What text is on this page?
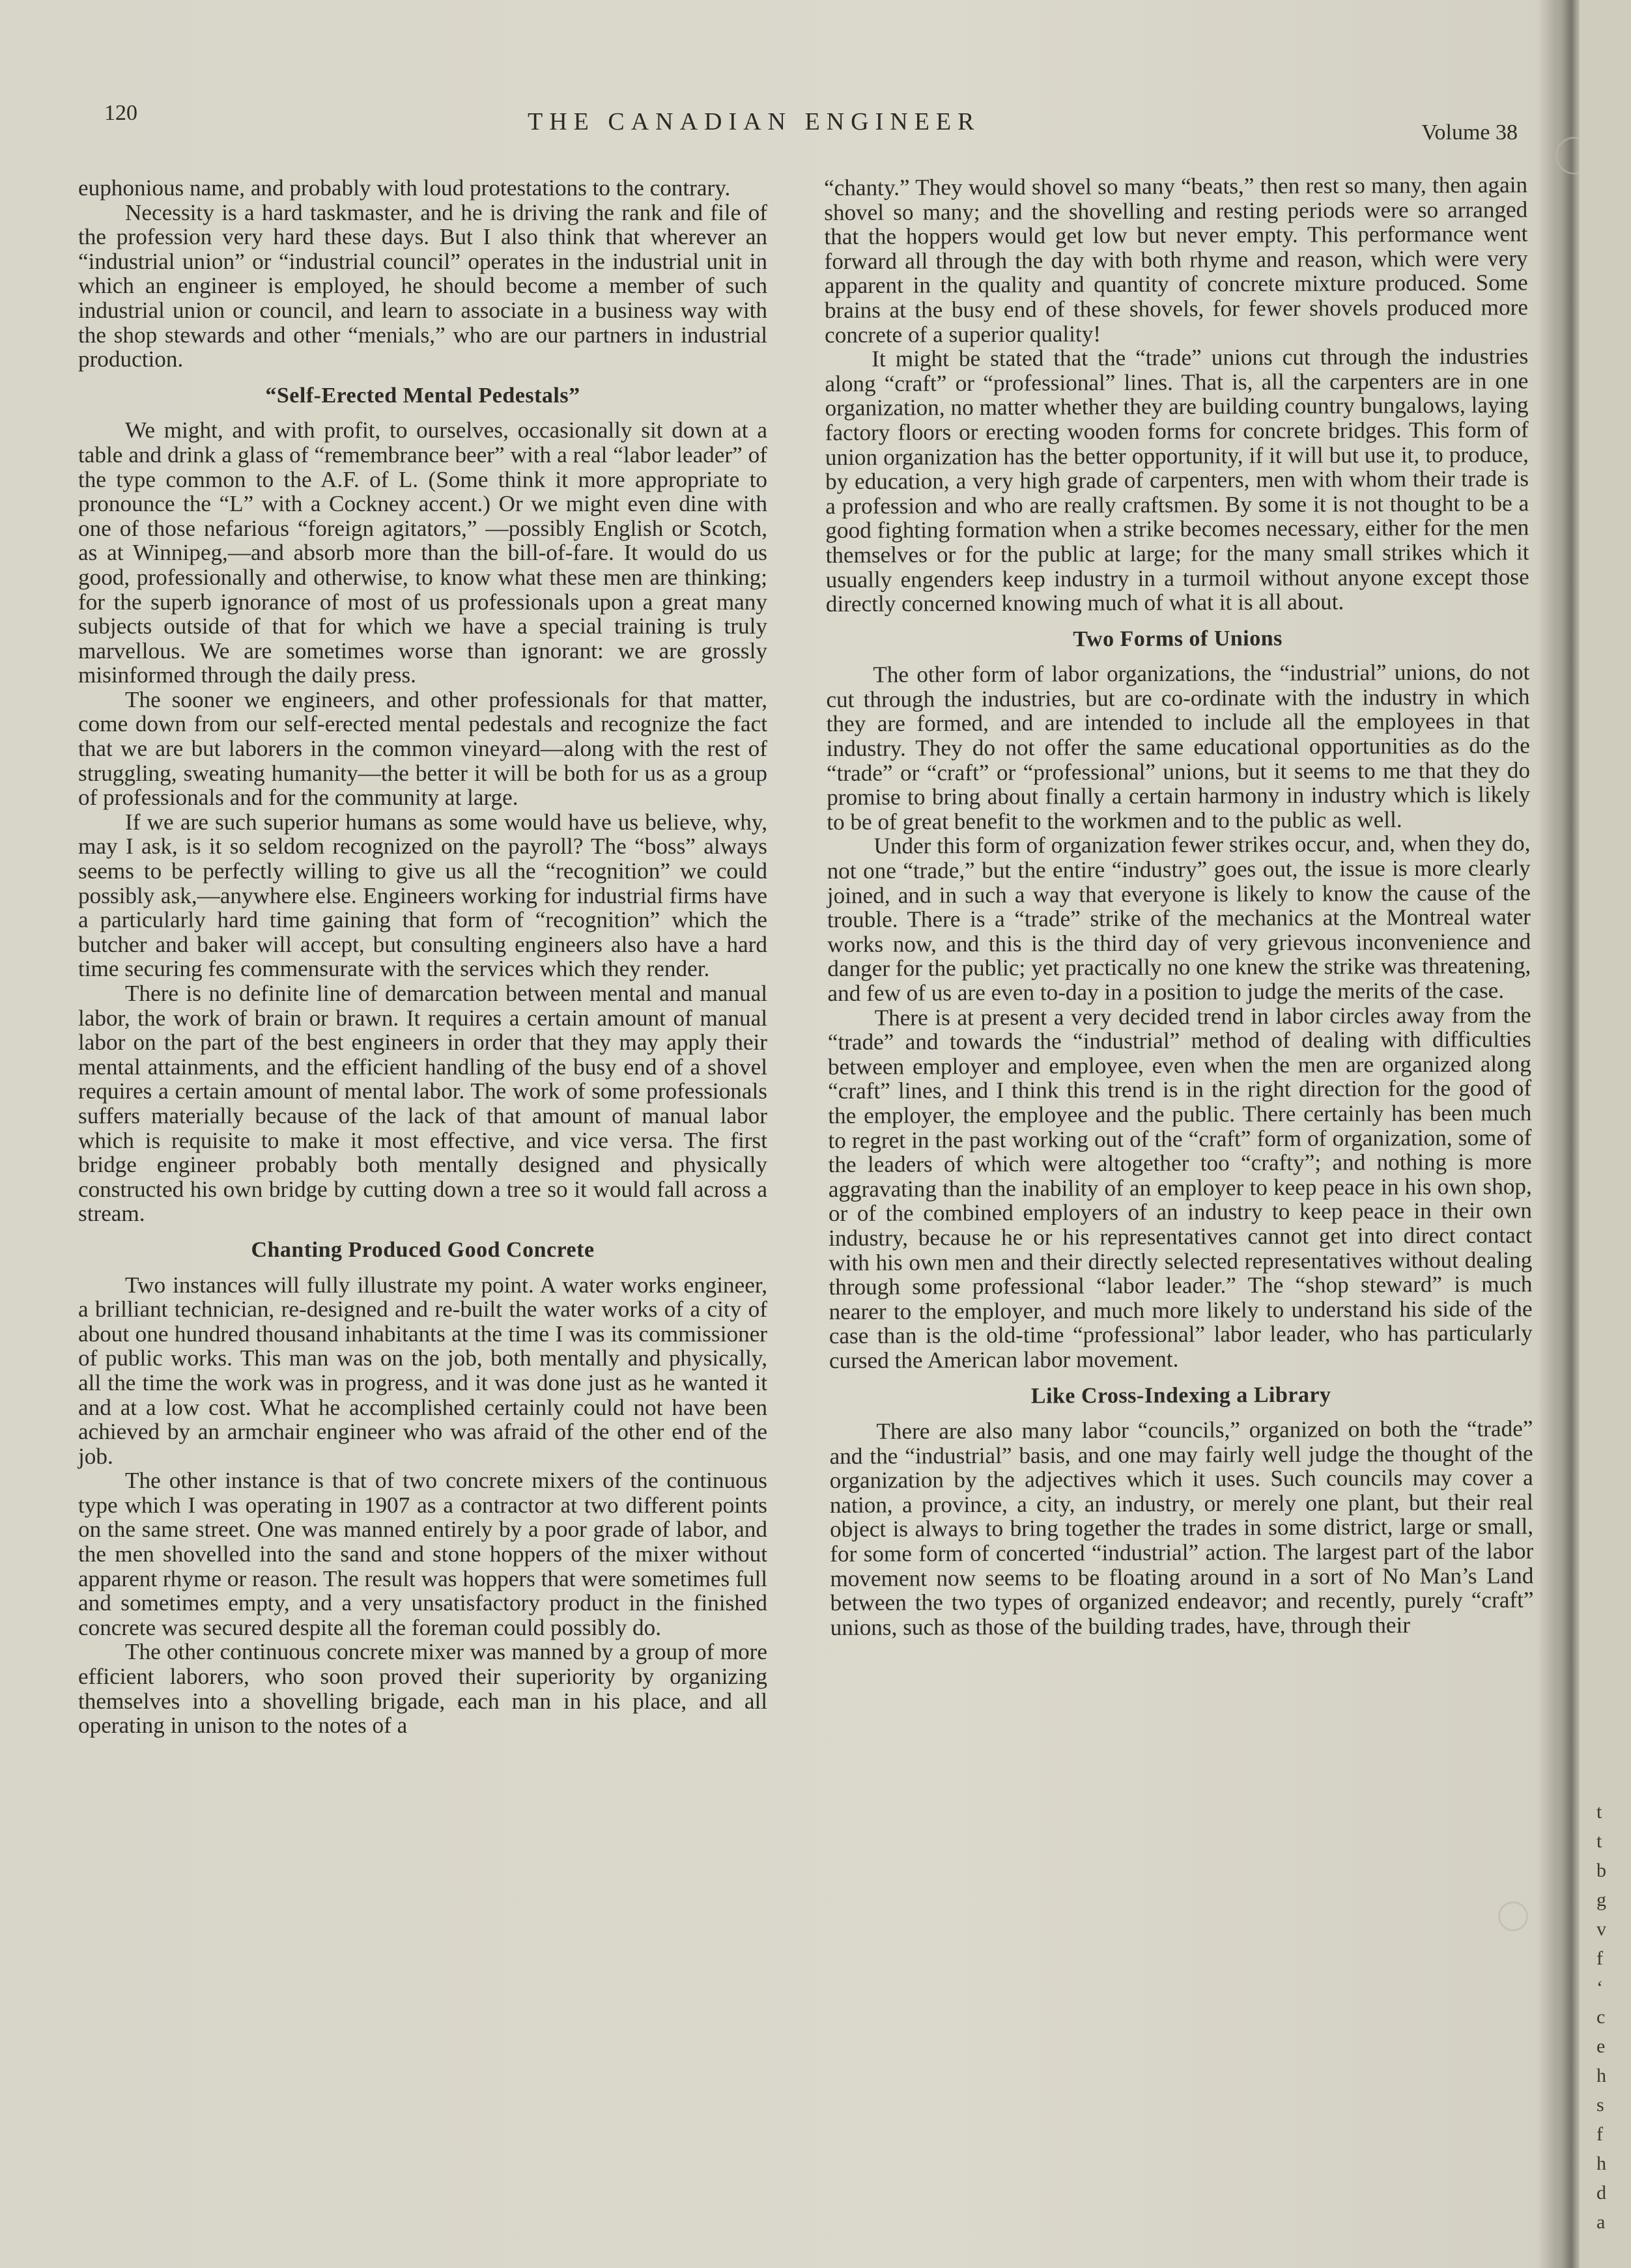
120	THE CANADIAN ENGINEER	Volume 38

euphonious name, and probably with loud protestations to the contrary.

Necessity is a hard taskmaster, and he is driving the rank and file of the profession very hard these days. But I also think that wherever an “industrial union” or “industrial council” operates in the industrial unit in which an engineer is employed, he should become a member of such industrial union or council, and learn to associate in a business way with the shop stewards and other “menials,” who are our partners in industrial production.

“Self-Erected Mental Pedestals”

We might, and with profit, to ourselves, occasionally sit down at a table and drink a glass of “remembrance beer” with a real “labor leader” of the type common to the A.F. of L. (Some think it more appropriate to pronounce the “L” with a Cockney accent.) Or we might even dine with one of those nefarious “foreign agitators,” —possibly English or Scotch, as at Winnipeg,—and absorb more than the bill-of-fare. It would do us good, professionally and otherwise, to know what these men are thinking; for the superb ignorance of most of us professionals upon a great many subjects outside of that for which we have a special training is truly marvellous. We are sometimes worse than ignorant: we are grossly misinformed through the daily press.

The sooner we engineers, and other professionals for that matter, come down from our self-erected mental pedestals and recognize the fact that we are but laborers in the common vineyard—along with the rest of struggling, sweating humanity—the better it will be both for us as a group of professionals and for the community at large.

If we are such superior humans as some would have us believe, why, may I ask, is it so seldom recognized on the payroll? The “boss” always seems to be perfectly willing to give us all the “recognition” we could possibly ask,—anywhere else. Engineers working for industrial firms have a particularly hard time gaining that form of “recognition” which the butcher and baker will accept, but consulting engineers also have a hard time securing fes commensurate with the services which they render.

There is no definite line of demarcation between mental and manual labor, the work of brain or brawn. It requires a certain amount of manual labor on the part of the best engineers in order that they may apply their mental attainments, and the efficient handling of the busy end of a shovel requires a certain amount of mental labor. The work of some professionals suffers materially because of the lack of that amount of manual labor which is requisite to make it most effective, and vice versa. The first bridge engineer probably both mentally designed and physically constructed his own bridge by cutting down a tree so it would fall across a stream.

Chanting Produced Good Concrete

Two instances will fully illustrate my point. A water works engineer, a brilliant technician, re-designed and re-built the water works of a city of about one hundred thousand inhabitants at the time I was its commissioner of public works. This man was on the job, both mentally and physically, all the time the work was in progress, and it was done just as he wanted it and at a low cost. What he accomplished certainly could not have been achieved by an armchair engineer who was afraid of the other end of the job.

The other instance is that of two concrete mixers of the continuous type which I was operating in 1907 as a contractor at two different points on the same street. One was manned entirely by a poor grade of labor, and the men shovelled into the sand and stone hoppers of the mixer without apparent rhyme or reason. The result was hoppers that were sometimes full and sometimes empty, and a very unsatisfactory product in the finished concrete was secured despite all the foreman could possibly do.

The other continuous concrete mixer was manned by a group of more efficient laborers, who soon proved their superiority by organizing themselves into a shovelling brigade, each man in his place, and all operating in unison to the notes of a

“chanty.” They would shovel so many “beats,” then rest so many, then again shovel so many; and the shovelling and resting periods were so arranged that the hoppers would get low but never empty. This performance went forward all through the day with both rhyme and reason, which were very apparent in the quality and quantity of concrete mixture produced. Some brains at the busy end of these shovels, for fewer shovels produced more concrete of a superior quality!

It might be stated that the “trade” unions cut through the industries along “craft” or “professional” lines. That is, all the carpenters are in one organization, no matter whether they are building country bungalows, laying factory floors or erecting wooden forms for concrete bridges. This form of union organization has the better opportunity, if it will but use it, to produce, by education, a very high grade of carpenters, men with whom their trade is a profession and who are really craftsmen. By some it is not thought to be a good fighting formation when a strike becomes necessary, either for the men themselves or for the public at large; for the many small strikes which it usually engenders keep industry in a turmoil without anyone except those directly concerned knowing much of what it is all about.

Two Forms of Unions

The other form of labor organizations, the “industrial” unions, do not cut through the industries, but are co-ordinate with the industry in which they are formed, and are intended to include all the employees in that industry. They do not offer the same educational opportunities as do the “trade” or “craft” or “professional” unions, but it seems to me that they do promise to bring about finally a certain harmony in industry which is likely to be of great benefit to the workmen and to the public as well.

Under this form of organization fewer strikes occur, and, when they do, not one “trade,” but the entire “industry” goes out, the issue is more clearly joined, and in such a way that everyone is likely to know the cause of the trouble. There is a “trade” strike of the mechanics at the Montreal water works now, and this is the third day of very grievous inconvenience and danger for the public; yet practically no one knew the strike was threatening, and few of us are even to-day in a position to judge the merits of the case.

There is at present a very decided trend in labor circles away from the “trade” and towards the “industrial” method of dealing with difficulties between employer and employee, even when the men are organized along “craft” lines, and I think this trend is in the right direction for the good of the employer, the employee and the public. There certainly has been much to regret in the past working out of the “craft” form of organization, some of the leaders of which were altogether too “crafty”; and nothing is more aggravating than the inability of an employer to keep peace in his own shop, or of the combined employers of an industry to keep peace in their own industry, because he or his representatives cannot get into direct contact with his own men and their directly selected representatives without dealing through some professional “labor leader.” The “shop steward” is much nearer to the employer, and much more likely to understand his side of the case than is the old-time “professional” labor leader, who has particularly cursed the American labor movement.

Like Cross-Indexing a Library

There are also many labor “councils,” organized on both the “trade” and the “industrial” basis, and one may fairly well judge the thought of the organization by the adjectives which it uses. Such councils may cover a nation, a province, a city, an industry, or merely one plant, but their real object is always to bring together the trades in some district, large or small, for some form of concerted “industrial” action. The largest part of the labor movement now seems to be floating around in a sort of No Man’s Land between the two types of organized endeavor; and recently, purely “craft” unions, such as those of the building trades, have, through their

t
t
b
g
v
f
‘
c
e
h
s
f
h
d
a
